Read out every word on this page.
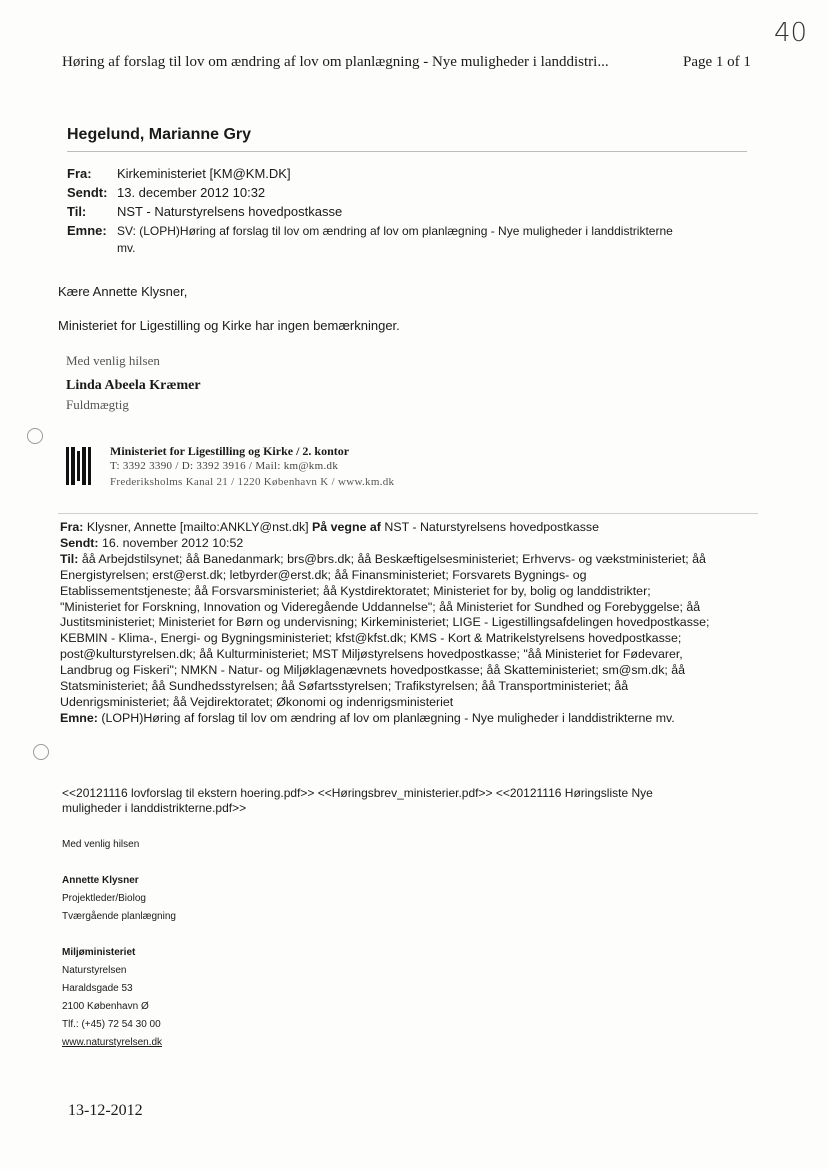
40
Høring af forslag til lov om ændring af lov om planlægning - Nye muligheder i landdistri...	Page 1 of 1
Hegelund, Marianne Gry
Fra:	Kirkeministeriet [KM@KM.DK]
Sendt: 13. december 2012 10:32
Til:	NST - Naturstyrelsens hovedpostkasse
Emne: SV: (LOPH)Høring af forslag til lov om ændring af lov om planlægning - Nye muligheder i landdistrikterne
mv.
Kære Annette Klysner,
Ministeriet for Ligestilling og Kirke har ingen bemærkninger.
Med venlig hilsen
Linda Abeela Kræmer
Fuldmægtig
Ministeriet for Ligestilling og Kirke / 2. kontor
T: 3392 3390 / D: 3392 3916 / Mail: km@km.dk
Frederiksholms Kanal 21 / 1220 København K / www.km.dk
Fra: Klysner, Annette [mailto:ANKLY@nst.dk] På vegne af NST - Naturstyrelsens hovedpostkasse
Sendt: 16. november 2012 10:52
Til: åå Arbejdstilsynet; åå Banedanmark; brs@brs.dk; åå Beskæftigelsesministeriet; Erhvervs- og vækstministeriet; åå
Energistyrelsen; erst@erst.dk; letbyrder@erst.dk; åå Finansministeriet; Forsvarets Bygnings- og
Etablissementstjeneste; åå Forsvarsministeriet; åå Kystdirektoratet; Ministeriet for by, bolig og landdistrikter;
"Ministeriet for Forskning, Innovation og Videregående Uddannelse"; åå Ministeriet for Sundhed og Forebyggelse; åå
Justitsministeriet; Ministeriet for Børn og undervisning; Kirkeministeriet; LIGE - Ligestillingsafdelingen hovedpostkasse;
KEBMIN - Klima-, Energi- og Bygningsministeriet; kfst@kfst.dk; KMS - Kort & Matrikelstyrelsens hovedpostkasse;
post@kulturstyrelsen.dk; åå Kulturministeriet; MST Miljøstyrelsens hovedpostkasse; "åå Ministeriet for Fødevarer,
Landbrug og Fiskeri"; NMKN - Natur- og Miljøklagenævnets hovedpostkasse; åå Skatteministeriet; sm@sm.dk; åå
Statsministeriet; åå Sundhedsstyrelsen; åå Søfartsstyrelsen; Trafikstyrelsen; åå Transportministeriet; åå
Udenrigsministeriet; åå Vejdirektoratet; Økonomi og indenrigsministeriet
Emne: (LOPH)Høring af forslag til lov om ændring af lov om planlægning - Nye muligheder i landdistrikterne mv.
<<20121116 lovforslag til ekstern hoering.pdf>> <<Høringsbrev_ministerier.pdf>> <<20121116 Høringsliste Nye
muligheder i landdistrikterne.pdf>>
Med venlig hilsen
Annette Klysner
Projektleder/Biolog
Tværgående planlægning
Miljøministeriet
Naturstyrelsen
Haraldsgade 53
2100 København Ø
Tlf.: (+45) 72 54 30 00
www.naturstyrelsen.dk
13-12-2012
